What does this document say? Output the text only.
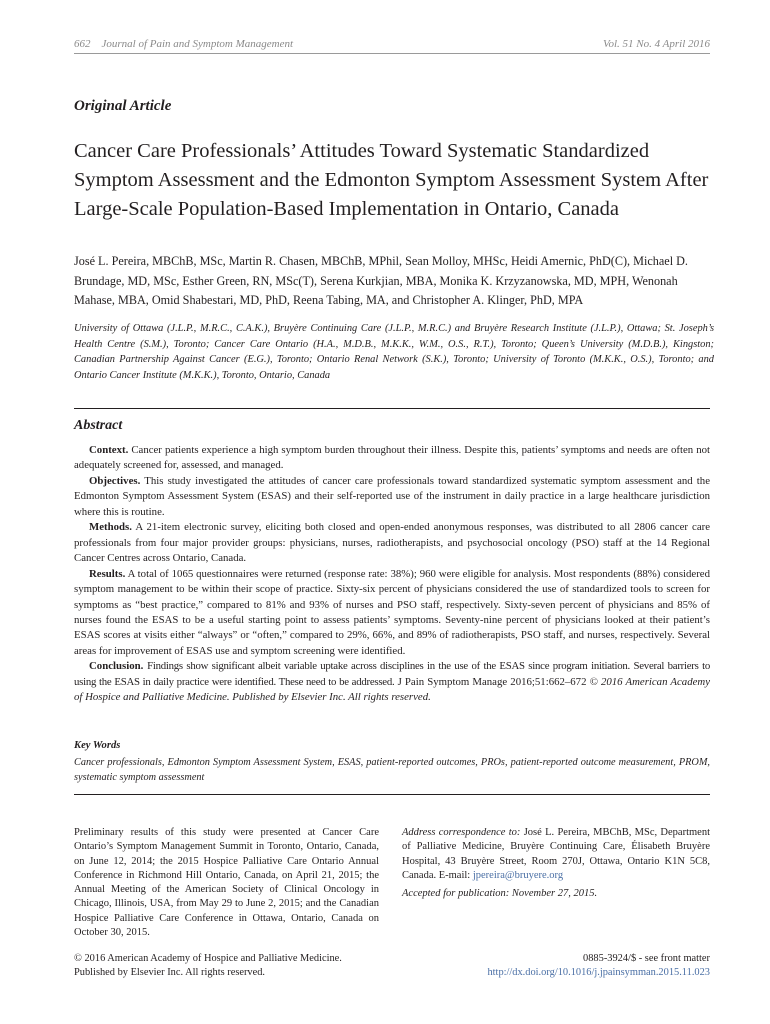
662    Journal of Pain and Symptom Management	Vol. 51 No. 4 April 2016
Original Article
Cancer Care Professionals’ Attitudes Toward Systematic Standardized Symptom Assessment and the Edmonton Symptom Assessment System After Large-Scale Population-Based Implementation in Ontario, Canada
José L. Pereira, MBChB, MSc, Martin R. Chasen, MBChB, MPhil, Sean Molloy, MHSc, Heidi Amernic, PhD(C), Michael D. Brundage, MD, MSc, Esther Green, RN, MSc(T), Serena Kurkjian, MBA, Monika K. Krzyzanowska, MD, MPH, Wenonah Mahase, MBA, Omid Shabestari, MD, PhD, Reena Tabing, MA, and Christopher A. Klinger, PhD, MPA
University of Ottawa (J.L.P., M.R.C., C.A.K.), Bruyère Continuing Care (J.L.P., M.R.C.) and Bruyère Research Institute (J.L.P.), Ottawa; St. Joseph’s Health Centre (S.M.), Toronto; Cancer Care Ontario (H.A., M.D.B., M.K.K., W.M., O.S., R.T.), Toronto; Queen’s University (M.D.B.), Kingston; Canadian Partnership Against Cancer (E.G.), Toronto; Ontario Renal Network (S.K.), Toronto; University of Toronto (M.K.K., O.S.), Toronto; and Ontario Cancer Institute (M.K.K.), Toronto, Ontario, Canada
Abstract

Context. Cancer patients experience a high symptom burden throughout their illness. Despite this, patients’ symptoms and needs are often not adequately screened for, assessed, and managed.

Objectives. This study investigated the attitudes of cancer care professionals toward standardized systematic symptom assessment and the Edmonton Symptom Assessment System (ESAS) and their self-reported use of the instrument in daily practice in a large healthcare jurisdiction where this is routine.

Methods. A 21-item electronic survey, eliciting both closed and open-ended anonymous responses, was distributed to all 2806 cancer care professionals from four major provider groups: physicians, nurses, radiotherapists, and psychosocial oncology (PSO) staff at the 14 Regional Cancer Centres across Ontario, Canada.

Results. A total of 1065 questionnaires were returned (response rate: 38%); 960 were eligible for analysis. Most respondents (88%) considered symptom management to be within their scope of practice. Sixty-six percent of physicians considered the use of standardized tools to screen for symptoms as “best practice,” compared to 81% and 93% of nurses and PSO staff, respectively. Sixty-seven percent of physicians and 85% of nurses found the ESAS to be a useful starting point to assess patients’ symptoms. Seventy-nine percent of physicians looked at their patient’s ESAS scores at visits either “always” or “often,” compared to 29%, 66%, and 89% of radiotherapists, PSO staff, and nurses, respectively. Several areas for improvement of ESAS use and symptom screening were identified.

Conclusion. Findings show significant albeit variable uptake across disciplines in the use of the ESAS since program initiation. Several barriers to using the ESAS in daily practice were identified. These need to be addressed. J Pain Symptom Manage 2016;51:662–672 © 2016 American Academy of Hospice and Palliative Medicine. Published by Elsevier Inc. All rights reserved.

Key Words
Cancer professionals, Edmonton Symptom Assessment System, ESAS, patient-reported outcomes, PROs, patient-reported outcome measurement, PROM, systematic symptom assessment

Preliminary results of this study were presented at Cancer Care Ontario’s Symptom Management Summit in Toronto, Ontario, Canada, on June 12, 2014; the 2015 Hospice Palliative Care Ontario Annual Conference in Richmond Hill Ontario, Canada, on April 21, 2015; the Annual Meeting of the American Society of Clinical Oncology in Chicago, Illinois, USA, from May 29 to June 2, 2015; and the Canadian Hospice Palliative Care Conference in Ottawa, Ontario, Canada on October 30, 2015.

Address correspondence to: José L. Pereira, MBChB, MSc, Department of Palliative Medicine, Bruyère Continuing Care, Élisabeth Bruyère Hospital, 43 Bruyère Street, Room 270J, Ottawa, Ontario K1N 5C8, Canada. E-mail: jpereira@bruyere.org

Accepted for publication: November 27, 2015.

© 2016 American Academy of Hospice and Palliative Medicine.
Published by Elsevier Inc. All rights reserved.
0885-3924/$ - see front matter
http://dx.doi.org/10.1016/j.jpainsymman.2015.11.023
